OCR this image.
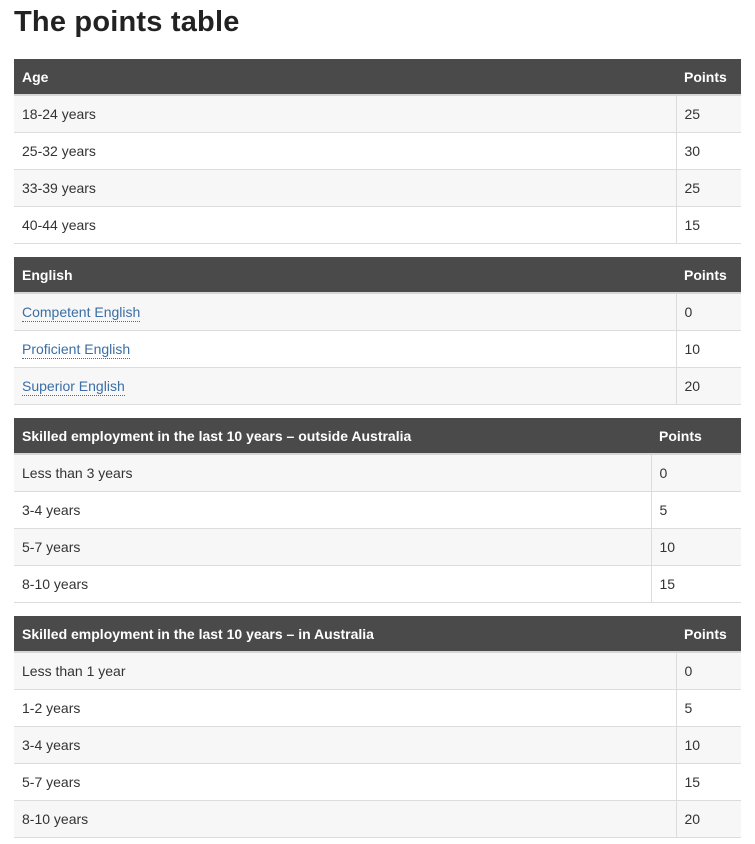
The points table
Age	Points
18-24 years	25
25-32 years	30
33-39 years	25
40-44 years	15
English	Points
Competent English	0
Proficient English	10
Superior English	20
Skilled employment in the last 10 years – outside Australia	Points
Less than 3 years	0
3-4 years	5
5-7 years	10
8-10 years	15
Skilled employment in the last 10 years – in Australia	Points
Less than 1 year	0
1-2 years	5
3-4 years	10
5-7 years	15
8-10 years	20
